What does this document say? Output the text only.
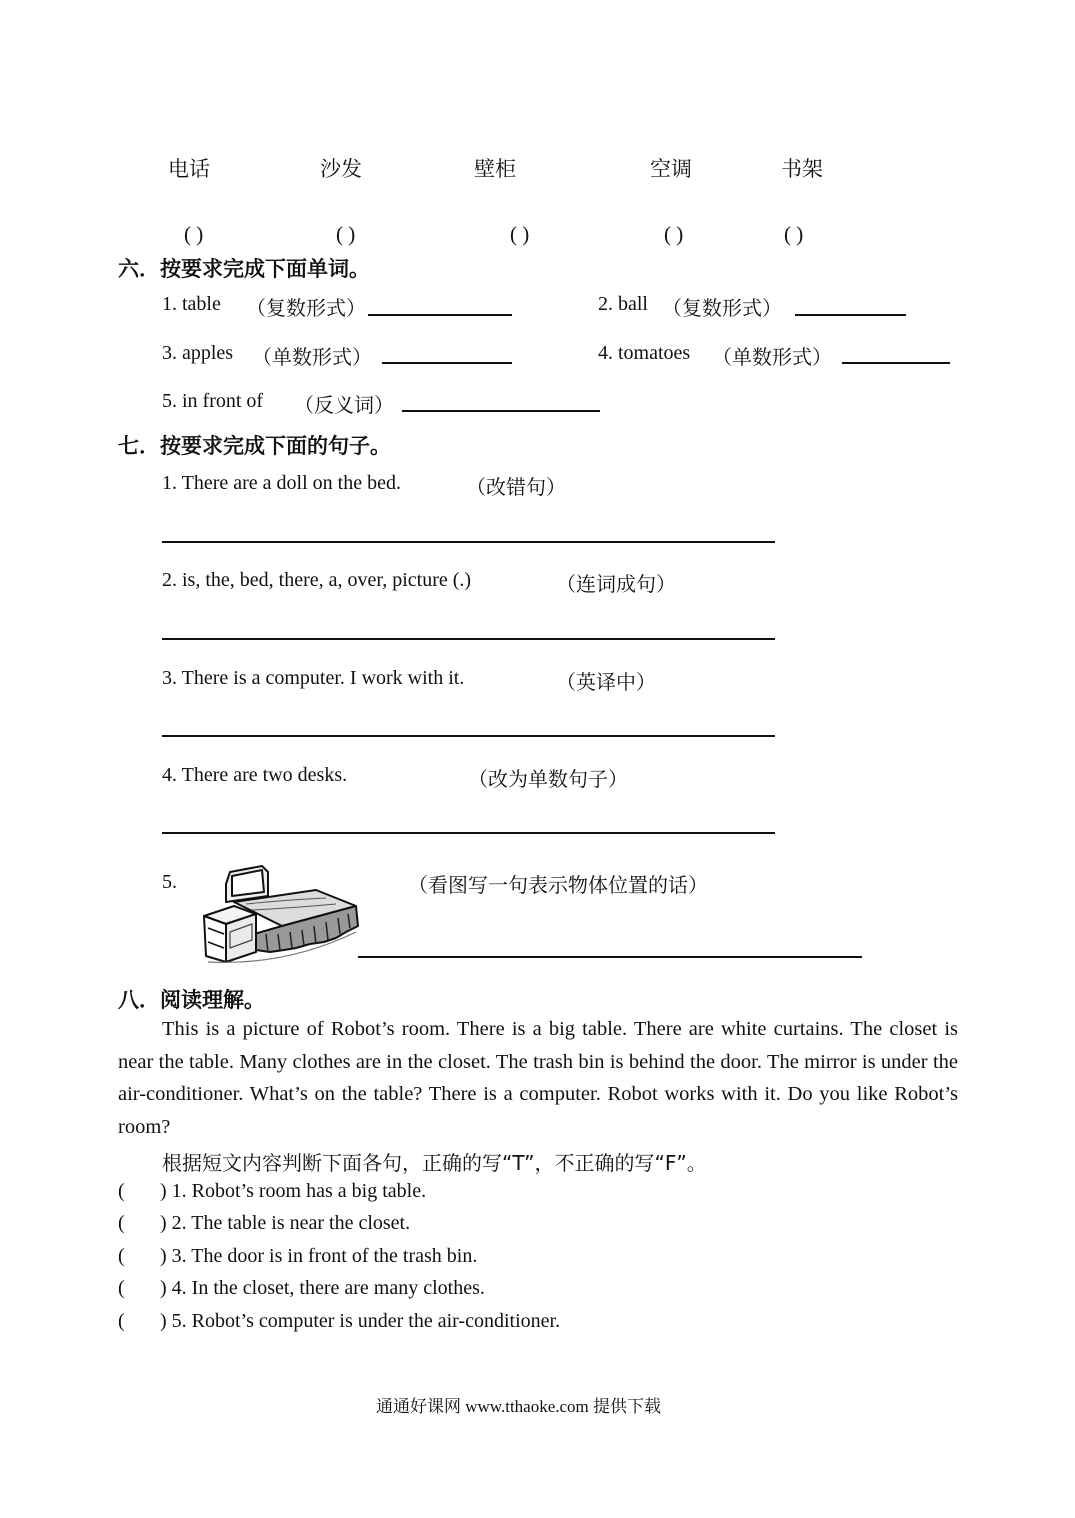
电话	沙发	壁柜	空调	书架
( )	( )	( )	( )	( )
六．按要求完成下面单词。
1. table （复数形式）	2. ball （复数形式）
3. apples （单数形式）	4. tomatoes （单数形式）
5. in front of （反义词）
七．按要求完成下面的句子。
1. There are a doll on the bed.	（改错句）
2. is, the, bed, there, a, over, picture (.)	（连词成句）
3. There is a computer. I work with it.	（英译中）
4. There are two desks.	（改为单数句子）
5.	（看图写一句表示物体位置的话）
八．阅读理解。

This is a picture of Robot’s room. There is a big table. There are white curtains. The closet is near the table. Many clothes are in the closet. The trash bin is behind the door. The mirror is under the air-conditioner. What’s on the table? There is a computer. Robot works with it. Do you like Robot’s room?

根据短文内容判断下面各句，正确的写“T”，不正确的写“F”。
( ) 1. Robot’s room has a big table.
( ) 2. The table is near the closet.
( ) 3. The door is in front of the trash bin.
( ) 4. In the closet, there are many clothes.
( ) 5. Robot’s computer is under the air-conditioner.
通通好课网 www.tthaoke.com 提供下载
